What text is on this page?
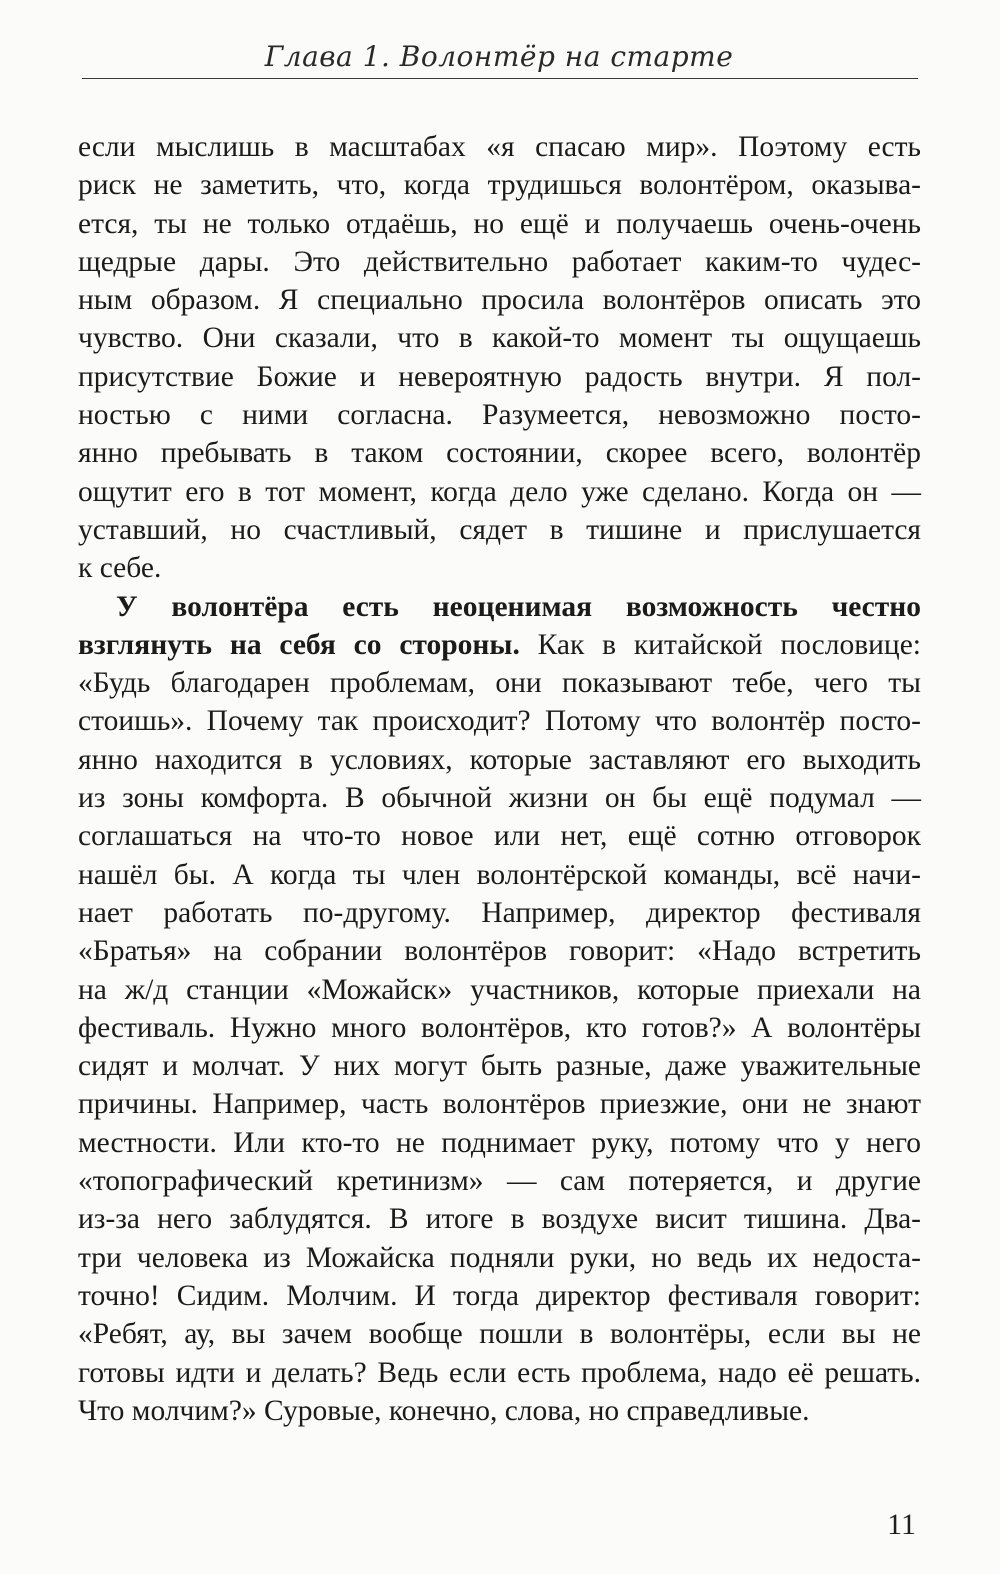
Глава 1. Волонтёр на старте

если мыслишь в масштабах «я спасаю мир». Поэтому есть
риск не заметить, что, когда трудишься волонтёром, оказыва-
ется, ты не только отдаёшь, но ещё и получаешь очень-очень
щедрые дары. Это действительно работает каким-то чудес-
ным образом. Я специально просила волонтёров описать это
чувство. Они сказали, что в какой-то момент ты ощущаешь
присутствие Божие и невероятную радость внутри. Я пол-
ностью с ними согласна. Разумеется, невозможно посто-
янно пребывать в таком состоянии, скорее всего, волонтёр
ощутит его в тот момент, когда дело уже сделано. Когда он —
уставший, но счастливый, сядет в тишине и прислушается
к себе.

У волонтёра есть неоценимая возможность честно
взглянуть на себя со стороны. Как в китайской пословице:
«Будь благодарен проблемам, они показывают тебе, чего ты
стоишь». Почему так происходит? Потому что волонтёр посто-
янно находится в условиях, которые заставляют его выходить
из зоны комфорта. В обычной жизни он бы ещё подумал —
соглашаться на что-то новое или нет, ещё сотню отговорок
нашёл бы. А когда ты член волонтёрской команды, всё начи-
нает работать по-другому. Например, директор фестиваля
«Братья» на собрании волонтёров говорит: «Надо встретить
на ж/д станции «Можайск» участников, которые приехали на
фестиваль. Нужно много волонтёров, кто готов?» А волонтёры
сидят и молчат. У них могут быть разные, даже уважительные
причины. Например, часть волонтёров приезжие, они не знают
местности. Или кто-то не поднимает руку, потому что у него
«топографический кретинизм» — сам потеряется, и другие
из-за него заблудятся. В итоге в воздухе висит тишина. Два-
три человека из Можайска подняли руки, но ведь их недоста-
точно! Сидим. Молчим. И тогда директор фестиваля говорит:
«Ребят, ау, вы зачем вообще пошли в волонтёры, если вы не
готовы идти и делать? Ведь если есть проблема, надо её решать.
Что молчим?» Суровые, конечно, слова, но справедливые.

11
